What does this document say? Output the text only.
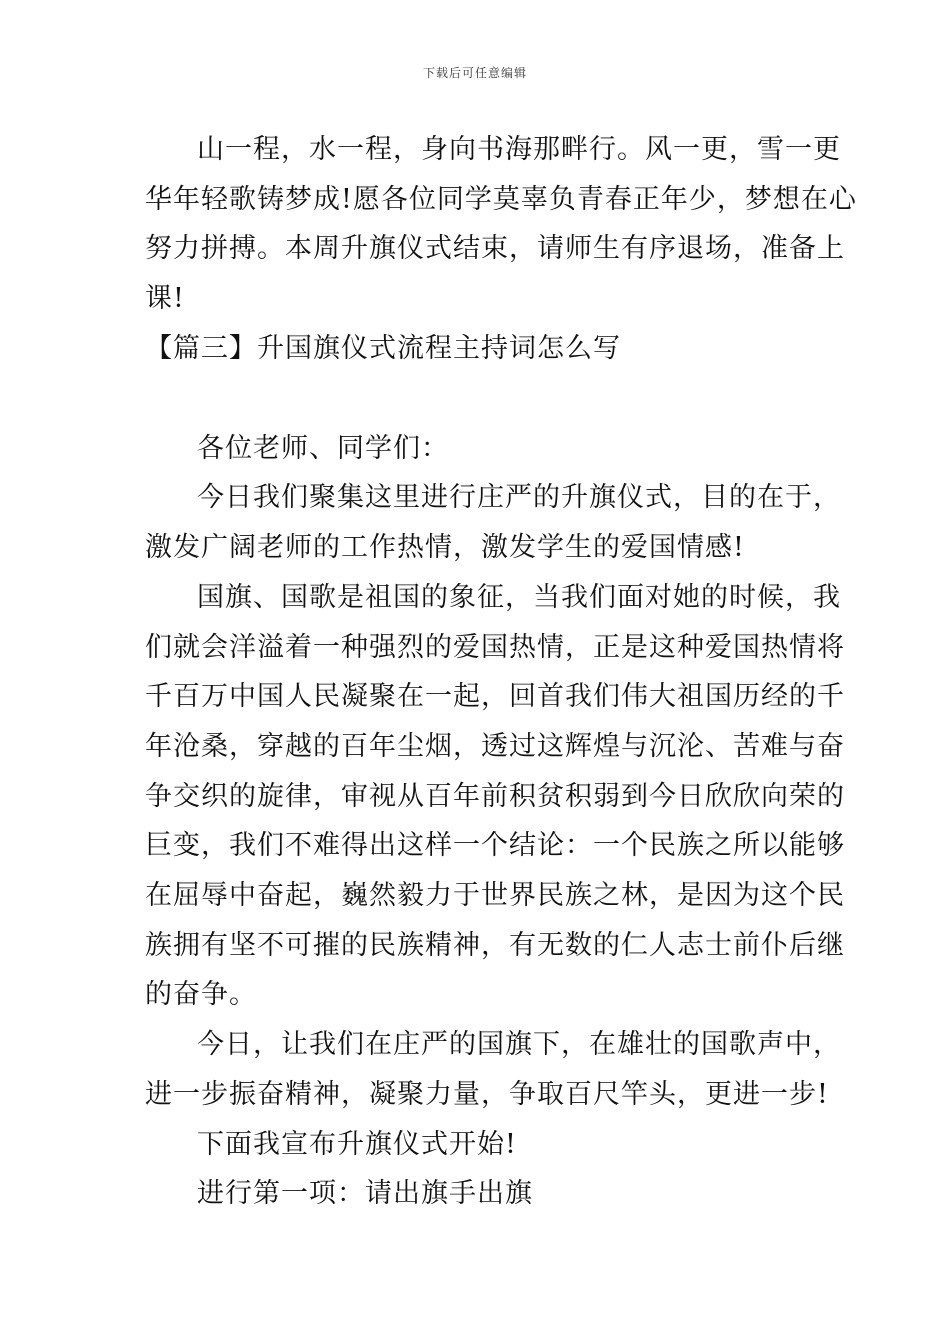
下载后可任意编辑
山一程，水一程，身向书海那畔行。风一更，雪一更
华年轻歌铸梦成!愿各位同学莫辜负青春正年少，梦想在心
努力拼搏。本周升旗仪式结束，请师生有序退场，准备上
课!
【篇三】升国旗仪式流程主持词怎么写
各位老师、同学们：
今日我们聚集这里进行庄严的升旗仪式，目的在于，
激发广阔老师的工作热情，激发学生的爱国情感!
国旗、国歌是祖国的象征，当我们面对她的时候，我
们就会洋溢着一种强烈的爱国热情，正是这种爱国热情将
千百万中国人民凝聚在一起，回首我们伟大祖国历经的千
年沧桑，穿越的百年尘烟，透过这辉煌与沉沦、苦难与奋
争交织的旋律，审视从百年前积贫积弱到今日欣欣向荣的
巨变，我们不难得出这样一个结论：一个民族之所以能够
在屈辱中奋起，巍然毅力于世界民族之林，是因为这个民
族拥有坚不可摧的民族精神，有无数的仁人志士前仆后继
的奋争。
今日，让我们在庄严的国旗下，在雄壮的国歌声中，
进一步振奋精神，凝聚力量，争取百尺竿头，更进一步!
下面我宣布升旗仪式开始!
进行第一项：请出旗手出旗
